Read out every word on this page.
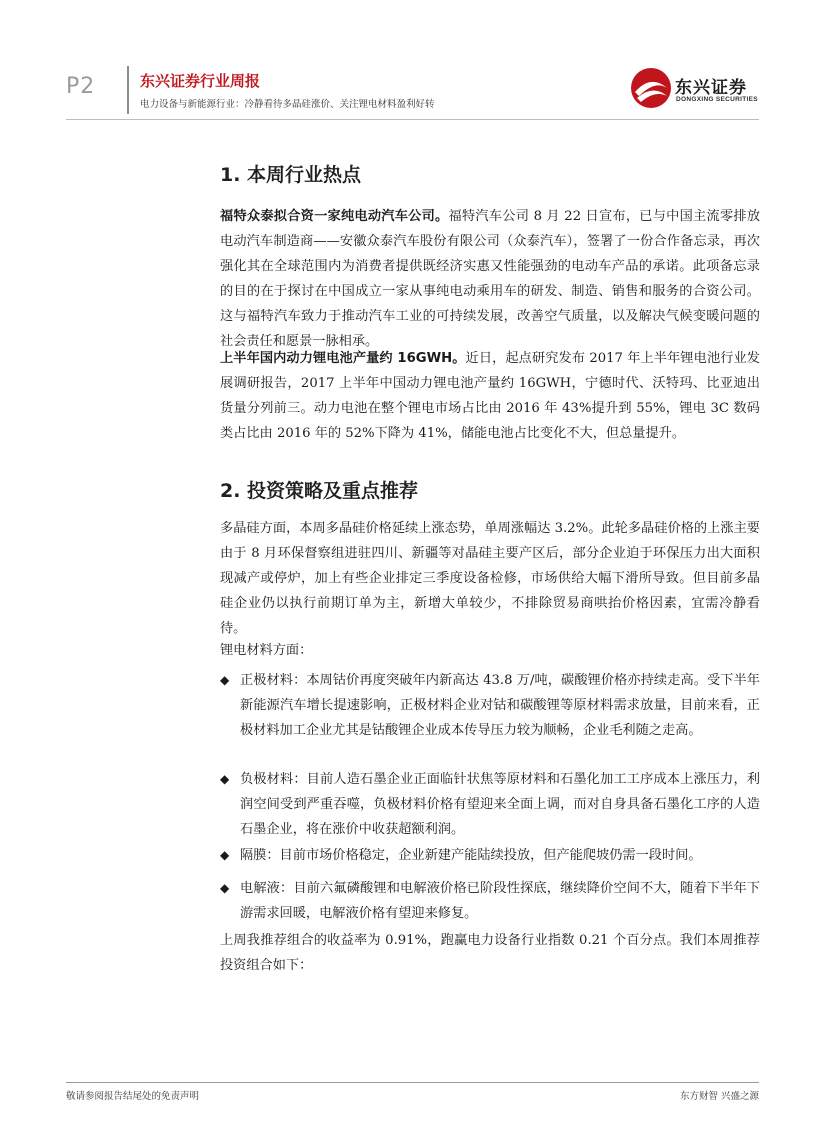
P2	东兴证券行业周报
电力设备与新能源行业：冷静看待多晶硅涨价、关注锂电材料盈利好转
东兴证券
DONGXING SECURITIES
1. 本周行业热点
福特众泰拟合资一家纯电动汽车公司。福特汽车公司 8 月 22 日宣布，已与中国主流零排放电动汽车制造商——安徽众泰汽车股份有限公司（众泰汽车），签署了一份合作备忘录，再次强化其在全球范围内为消费者提供既经济实惠又性能强劲的电动车产品的承诺。此项备忘录的目的在于探讨在中国成立一家从事纯电动乘用车的研发、制造、销售和服务的合资公司。这与福特汽车致力于推动汽车工业的可持续发展，改善空气质量，以及解决气候变暖问题的社会责任和愿景一脉相承。
上半年国内动力锂电池产量约 16GWH。近日，起点研究发布 2017 年上半年锂电池行业发展调研报告，2017 上半年中国动力锂电池产量约 16GWH，宁德时代、沃特玛、比亚迪出货量分列前三。动力电池在整个锂电市场占比由 2016 年 43%提升到 55%，锂电 3C 数码类占比由 2016 年的 52%下降为 41%，储能电池占比变化不大，但总量提升。
2. 投资策略及重点推荐
多晶硅方面，本周多晶硅价格延续上涨态势，单周涨幅达 3.2%。此轮多晶硅价格的上涨主要由于 8 月环保督察组进驻四川、新疆等对晶硅主要产区后，部分企业迫于环保压力出大面积现减产或停炉，加上有些企业排定三季度设备检修，市场供给大幅下滑所导致。但目前多晶硅企业仍以执行前期订单为主，新增大单较少，不排除贸易商哄抬价格因素，宜需冷静看待。
锂电材料方面：
◆ 正极材料：本周钴价再度突破年内新高达 43.8 万/吨，碳酸锂价格亦持续走高。受下半年新能源汽车增长提速影响，正极材料企业对钴和碳酸锂等原材料需求放量，目前来看，正极材料加工企业尤其是钴酸锂企业成本传导压力较为顺畅，企业毛利随之走高。
◆ 负极材料：目前人造石墨企业正面临针状焦等原材料和石墨化加工工序成本上涨压力，利润空间受到严重吞噬，负极材料价格有望迎来全面上调，而对自身具备石墨化工序的人造石墨企业，将在涨价中收获超额利润。
◆ 隔膜：目前市场价格稳定，企业新建产能陆续投放，但产能爬坡仍需一段时间。
◆ 电解液：目前六氟磷酸锂和电解液价格已阶段性探底，继续降价空间不大，随着下半年下游需求回暖，电解液价格有望迎来修复。
上周我推荐组合的收益率为 0.91%，跑赢电力设备行业指数 0.21 个百分点。我们本周推荐投资组合如下：
敬请参阅报告结尾处的免责声明	东方财智 兴盛之源
